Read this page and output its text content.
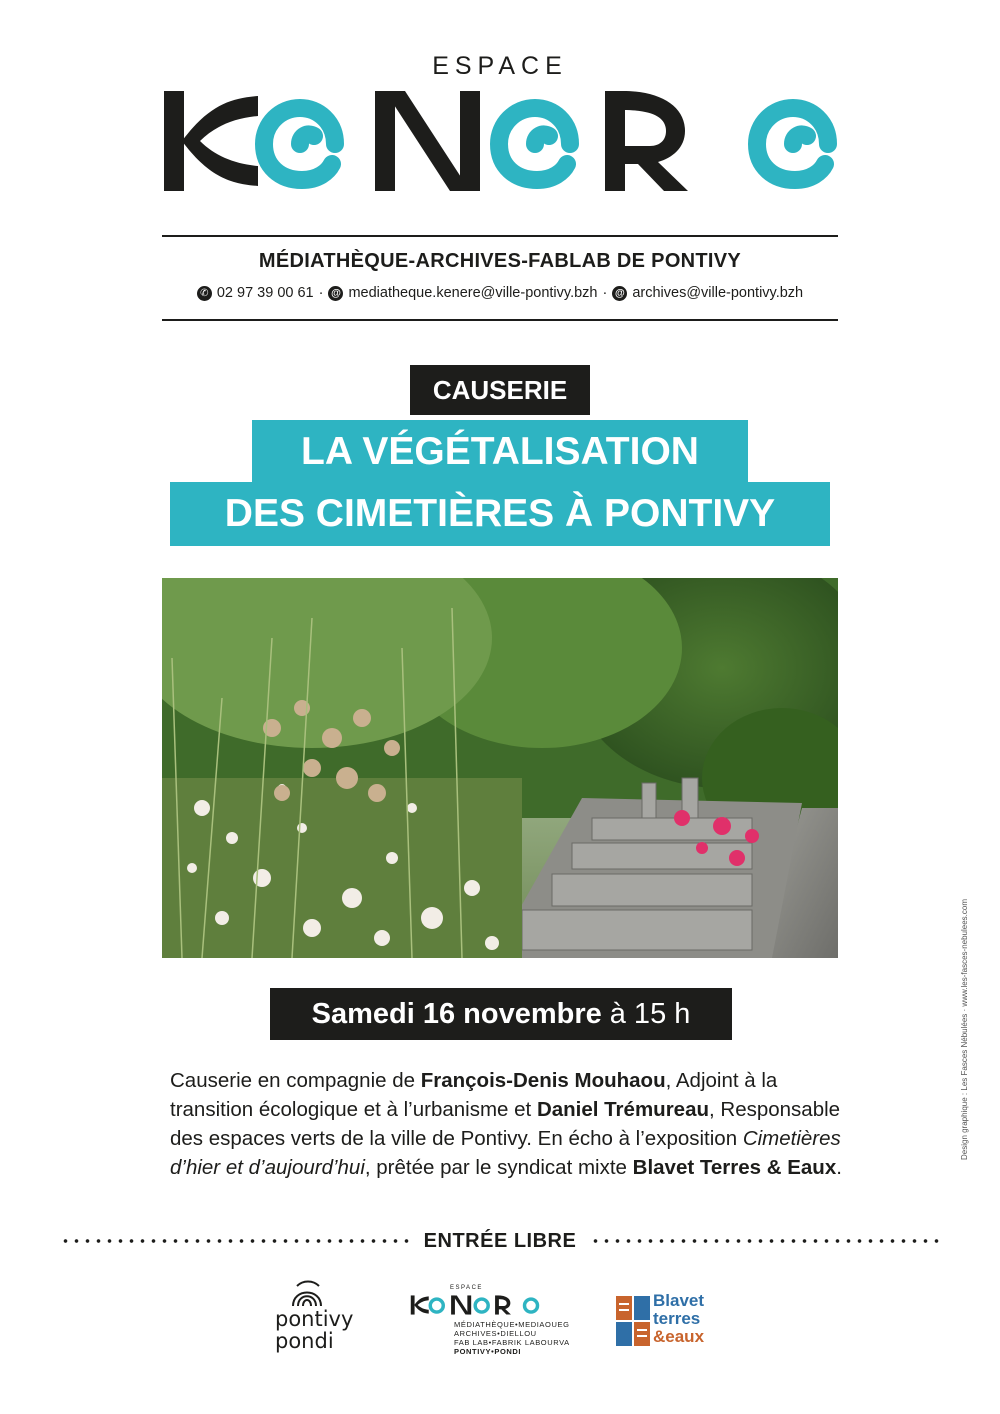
ESPACE
MÉDIATHÈQUE-ARCHIVES-FABLAB DE PONTIVY
✆ 02 97 39 00 61 · @ mediatheque.kenere@ville-pontivy.bzh · @ archives@ville-pontivy.bzh
CAUSERIE
LA VÉGÉTALISATION
DES CIMETIÈRES À PONTIVY
Samedi 16 novembre à 15 h
Causerie en compagnie de François-Denis Mouhaou, Adjoint à la transition écologique et à l’urbanisme et Daniel Trémureau, Responsable des espaces verts de la ville de Pontivy. En écho à l’exposition Cimetières d’hier et d’aujourd’hui, prêtée par le syndicat mixte Blavet Terres & Eaux.
ENTRÉE LIBRE
Design graphique : Les Fasces Nébulées · www.les-fasces-nebulees.com
pontivy
pondi
ESPACE
MÉDIATHÈQUE•MEDIAOUEG
ARCHIVES•DIELLOU
FAB LAB•FABRIK LABOURVA
PONTIVY•PONDI
Blavet
terres
&eaux
